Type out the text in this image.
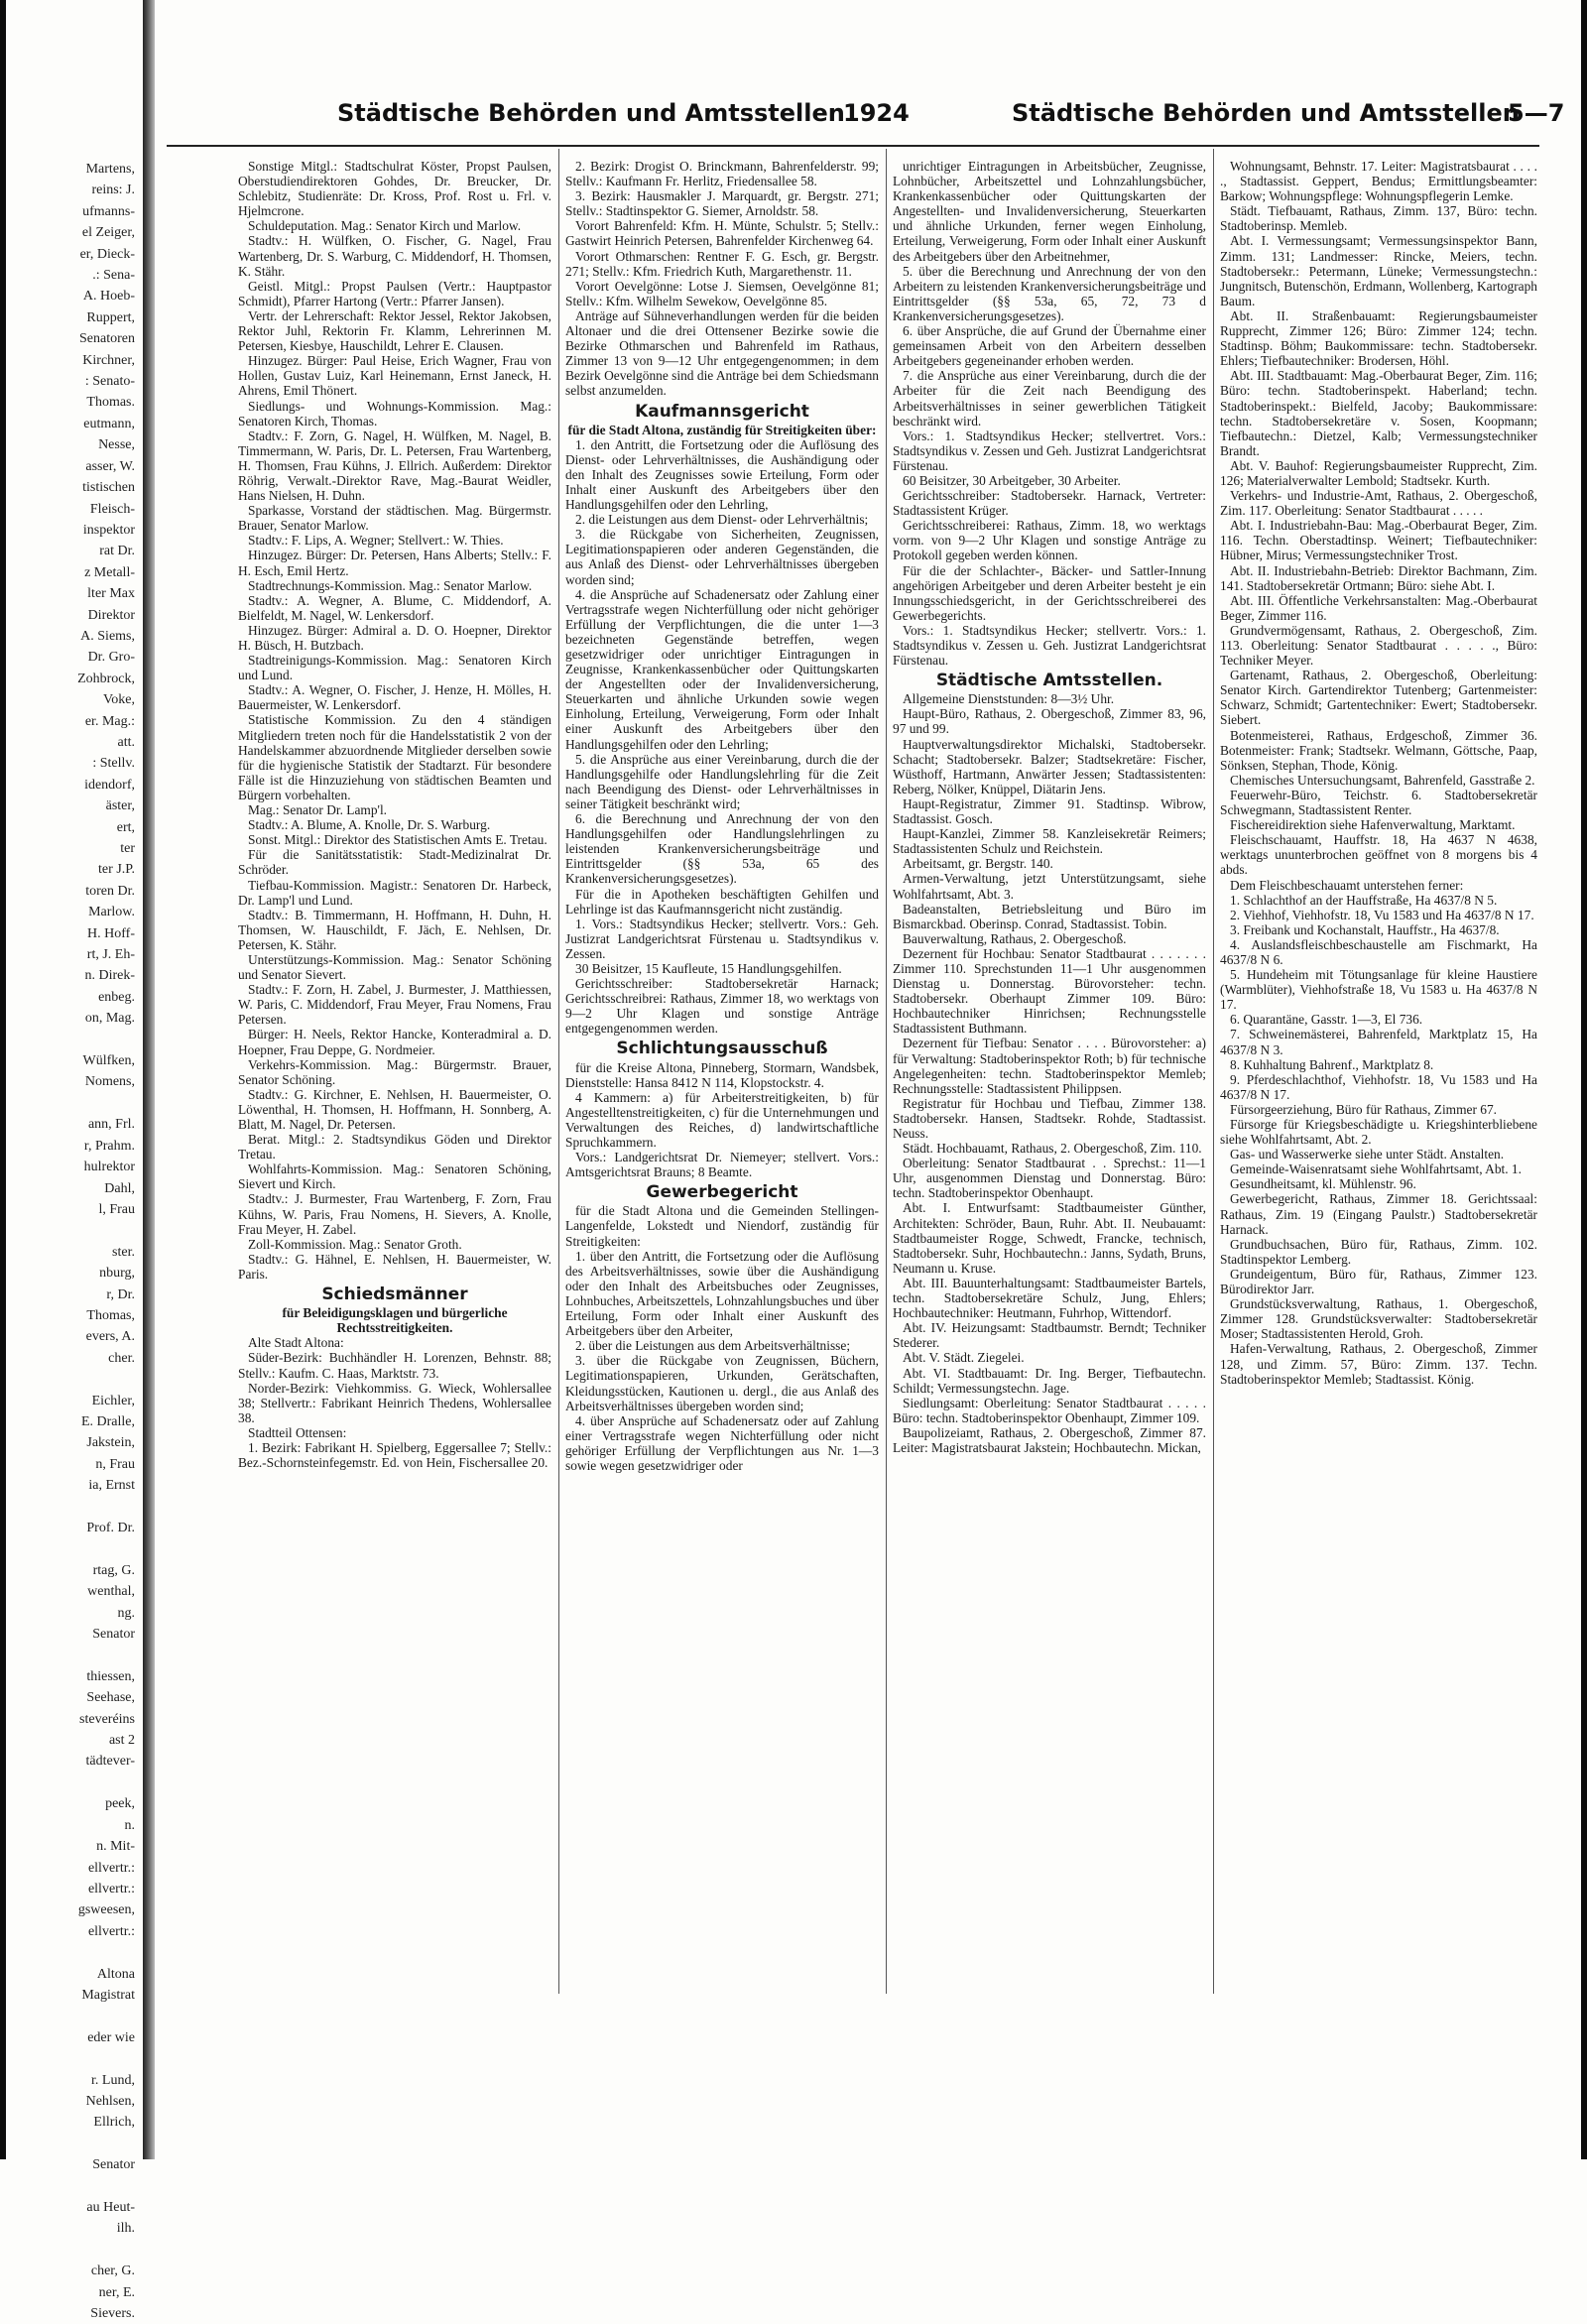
Martens,
reins: J.
ufmanns-
el Zeiger,
er, Dieck-
.: Sena-
A. Hoeb-
Ruppert,
Senatoren
Kirchner,
: Senato-
Thomas.
eutmann,
Nesse,
asser, W.
tistischen
Fleisch-
inspektor
rat Dr.
z Metall-
lter Max
Direktor
A. Siems,
Dr. Gro-
Zohbrock,
Voke,
er. Mag.:
att.
: Stellv.
idendorf,
äster,
ert,
ter
ter J.P.
toren Dr.
Marlow.
H. Hoff-
rt, J. Eh-
n. Direk-
enbeg.
on, Mag.

Wülfken,
Nomens,

ann, Frl.
r, Prahm.
hulrektor
Dahl,
l, Frau

ster.
nburg,
r, Dr.
Thomas,
evers, A.
cher.

Eichler,
E. Dralle,
Jakstein,
n, Frau
ia, Ernst

Prof. Dr.

rtag, G.
wenthal,
ng.
Senator

thiessen,
Seehase,
steveréins
ast 2
tädtever-

peek,
n.
n. Mit-
ellvertr.:
ellvertr.:
gsweesen,
ellvertr.:

Altona
Magistrat

eder wie

r. Lund,
Nehlsen,
Ellrich,

Senator

au Heut-
ilh.

cher, G.
ner, E.
Sievers.
Städtische Behörden und Amtsstellen
1924	Städtische Behörden und Amtsstellen
5—7

Sonstige Mitgl.: Stadtschulrat Köster, Propst Paulsen, Oberstudiendirektoren Gohdes, Dr. Breucker, Dr. Schlebitz, Studienräte: Dr. Kross, Prof. Rost u. Frl. v. Hjelmcrone.

Schuldeputation. Mag.: Senator Kirch und Marlow.

Stadtv.: H. Wülfken, O. Fischer, G. Nagel, Frau Wartenberg, Dr. S. Warburg, C. Middendorf, H. Thomsen, K. Stähr.

Geistl. Mitgl.: Propst Paulsen (Vertr.: Hauptpastor Schmidt), Pfarrer Hartong (Vertr.: Pfarrer Jansen).

Vertr. der Lehrerschaft: Rektor Jessel, Rektor Jakobsen, Rektor Juhl, Rektorin Fr. Klamm, Lehrerinnen M. Petersen, Kiesbye, Hauschildt, Lehrer E. Clausen.

Hinzugez. Bürger: Paul Heise, Erich Wagner, Frau von Hollen, Gustav Luiz, Karl Heinemann, Ernst Janeck, H. Ahrens, Emil Thönert.

Siedlungs- und Wohnungs-Kommission. Mag.: Senatoren Kirch, Thomas.

Stadtv.: F. Zorn, G. Nagel, H. Wülfken, M. Nagel, B. Timmermann, W. Paris, Dr. L. Petersen, Frau Wartenberg, H. Thomsen, Frau Kühns, J. Ellrich. Außerdem: Direktor Röhrig, Verwalt.-Direktor Rave, Mag.-Baurat Weidler, Hans Nielsen, H. Duhn.

Sparkasse, Vorstand der städtischen. Mag. Bürgermstr. Brauer, Senator Marlow.

Stadtv.: F. Lips, A. Wegner; Stellvert.: W. Thies.

Hinzugez. Bürger: Dr. Petersen, Hans Alberts; Stellv.: F. H. Esch, Emil Hertz.

Stadtrechnungs-Kommission. Mag.: Senator Marlow.

Stadtv.: A. Wegner, A. Blume, C. Middendorf, A. Bielfeldt, M. Nagel, W. Lenkersdorf.

Hinzugez. Bürger: Admiral a. D. O. Hoepner, Direktor H. Büsch, H. Butzbach.

Stadtreinigungs-Kommission. Mag.: Senatoren Kirch und Lund.

Stadtv.: A. Wegner, O. Fischer, J. Henze, H. Mölles, H. Bauermeister, W. Lenkersdorf.

Statistische Kommission. Zu den 4 ständigen Mitgliedern treten noch für die Handelsstatistik 2 von der Handelskammer abzuordnende Mitglieder derselben sowie für die hygienische Statistik der Stadtarzt. Für besondere Fälle ist die Hinzuziehung von städtischen Beamten und Bürgern vorbehalten.

Mag.: Senator Dr. Lamp'l.

Stadtv.: A. Blume, A. Knolle, Dr. S. Warburg.

Sonst. Mitgl.: Direktor des Statistischen Amts E. Tretau.

Für die Sanitätsstatistik: Stadt-Medizinalrat Dr. Schröder.

Tiefbau-Kommission. Magistr.: Senatoren Dr. Harbeck, Dr. Lamp'l und Lund.

Stadtv.: B. Timmermann, H. Hoffmann, H. Duhn, H. Thomsen, W. Hauschildt, F. Jäch, E. Nehlsen, Dr. Petersen, K. Stähr.

Unterstützungs-Kommission. Mag.: Senator Schöning und Senator Sievert.

Stadtv.: F. Zorn, H. Zabel, J. Burmester, J. Matthiessen, W. Paris, C. Middendorf, Frau Meyer, Frau Nomens, Frau Petersen.

Bürger: H. Neels, Rektor Hancke, Konteradmiral a. D. Hoepner, Frau Deppe, G. Nordmeier.

Verkehrs-Kommission. Mag.: Bürgermstr. Brauer, Senator Schöning.

Stadtv.: G. Kirchner, E. Nehlsen, H. Bauermeister, O. Löwenthal, H. Thomsen, H. Hoffmann, H. Sonnberg, A. Blatt, M. Nagel, Dr. Petersen.

Berat. Mitgl.: 2. Stadtsyndikus Göden und Direktor Tretau.

Wohlfahrts-Kommission. Mag.: Senatoren Schöning, Sievert und Kirch.

Stadtv.: J. Burmester, Frau Wartenberg, F. Zorn, Frau Kühns, W. Paris, Frau Nomens, H. Sievers, A. Knolle, Frau Meyer, H. Zabel.

Zoll-Kommission. Mag.: Senator Groth.

Stadtv.: G. Hähnel, E. Nehlsen, H. Bauermeister, W. Paris.

Schiedsmänner

für Beleidigungsklagen und bürgerliche Rechtsstreitigkeiten.

Alte Stadt Altona:

Süder-Bezirk: Buchhändler H. Lorenzen, Behnstr. 88; Stellv.: Kaufm. C. Haas, Marktstr. 73.

Norder-Bezirk: Viehkommiss. G. Wieck, Wohlersallee 38; Stellvertr.: Fabrikant Heinrich Thedens, Wohlersallee 38.

Stadtteil Ottensen:

1. Bezirk: Fabrikant H. Spielberg, Eggersallee 7; Stellv.: Bez.-Schornsteinfegemstr. Ed. von Hein, Fischersallee 20.

2. Bezirk: Drogist O. Brinckmann, Bahrenfelderstr. 99; Stellv.: Kaufmann Fr. Herlitz, Friedensallee 58.

3. Bezirk: Hausmakler J. Marquardt, gr. Bergstr. 271; Stellv.: Stadtinspektor G. Siemer, Arnoldstr. 58.

Vorort Bahrenfeld: Kfm. H. Münte, Schulstr. 5; Stellv.: Gastwirt Heinrich Petersen, Bahrenfelder Kirchenweg 64.

Vorort Othmarschen: Rentner F. G. Esch, gr. Bergstr. 271; Stellv.: Kfm. Friedrich Kuth, Margarethenstr. 11.

Vorort Oevelgönne: Lotse J. Siemsen, Oevelgönne 81; Stellv.: Kfm. Wilhelm Sewekow, Oevelgönne 85.

Anträge auf Sühneverhandlungen werden für die beiden Altonaer und die drei Ottensener Bezirke sowie die Bezirke Othmarschen und Bahrenfeld im Rathaus, Zimmer 13 von 9—12 Uhr entgegengenommen; in dem Bezirk Oevelgönne sind die Anträge bei dem Schiedsmann selbst anzumelden.

Kaufmannsgericht

für die Stadt Altona, zuständig für Streitigkeiten über:

1. den Antritt, die Fortsetzung oder die Auflösung des Dienst- oder Lehrverhältnisses, die Aushändigung oder den Inhalt des Zeugnisses sowie Erteilung, Form oder Inhalt einer Auskunft des Arbeitgebers über den Handlungsgehilfen oder den Lehrling,

2. die Leistungen aus dem Dienst- oder Lehrverhältnis;

3. die Rückgabe von Sicherheiten, Zeugnissen, Legitimationspapieren oder anderen Gegenständen, die aus Anlaß des Dienst- oder Lehrverhältnisses übergeben worden sind;

4. die Ansprüche auf Schadenersatz oder Zahlung einer Vertragsstrafe wegen Nichterfüllung oder nicht gehöriger Erfüllung der Verpflichtungen, die die unter 1—3 bezeichneten Gegenstände betreffen, wegen gesetzwidriger oder unrichtiger Eintragungen in Zeugnisse, Krankenkassenbücher oder Quittungskarten der Angestellten oder der Invalidenversicherung, Steuerkarten und ähnliche Urkunden sowie wegen Einholung, Erteilung, Verweigerung, Form oder Inhalt einer Auskunft des Arbeitgebers über den Handlungsgehilfen oder den Lehrling;

5. die Ansprüche aus einer Vereinbarung, durch die der Handlungsgehilfe oder Handlungslehrling für die Zeit nach Beendigung des Dienst- oder Lehrverhältnisses in seiner Tätigkeit beschränkt wird;

6. die Berechnung und Anrechnung der von den Handlungsgehilfen oder Handlungslehrlingen zu leistenden Krankenversicherungsbeiträge und Eintrittsgelder (§§ 53a, 65 des Krankenversicherungsgesetzes).

Für die in Apotheken beschäftigten Gehilfen und Lehrlinge ist das Kaufmannsgericht nicht zuständig.

1. Vors.: Stadtsyndikus Hecker; stellvertr. Vors.: Geh. Justizrat Landgerichtsrat Fürstenau u. Stadtsyndikus v. Zessen.

30 Beisitzer, 15 Kaufleute, 15 Handlungsgehilfen.

Gerichtsschreiber: Stadtobersekretär Harnack; Gerichtsschreibrei: Rathaus, Zimmer 18, wo werktags von 9—2 Uhr Klagen und sonstige Anträge entgegengenommen werden.

Schlichtungsausschuß

für die Kreise Altona, Pinneberg, Stormarn, Wandsbek, Dienststelle: Hansa 8412 N 114, Klopstockstr. 4.

4 Kammern: a) für Arbeiterstreitigkeiten, b) für Angestelltenstreitigkeiten, c) für die Unternehmungen und Verwaltungen des Reiches, d) landwirtschaftliche Spruchkammern.

Vors.: Landgerichtsrat Dr. Niemeyer; stellvert. Vors.: Amtsgerichtsrat Brauns; 8 Beamte.

Gewerbegericht

für die Stadt Altona und die Gemeinden Stellingen-Langenfelde, Lokstedt und Niendorf, zuständig für Streitigkeiten:

1. über den Antritt, die Fortsetzung oder die Auflösung des Arbeitsverhältnisses, sowie über die Aushändigung oder den Inhalt des Arbeitsbuches oder Zeugnisses, Lohnbuches, Arbeitszettels, Lohnzahlungsbuches und über Erteilung, Form oder Inhalt einer Auskunft des Arbeitgebers über den Arbeiter,

2. über die Leistungen aus dem Arbeitsverhältnisse;

3. über die Rückgabe von Zeugnissen, Büchern, Legitimationspapieren, Urkunden, Gerätschaften, Kleidungsstücken, Kautionen u. dergl., die aus Anlaß des Arbeitsverhältnisses übergeben worden sind;

4. über Ansprüche auf Schadenersatz oder auf Zahlung einer Vertragsstrafe wegen Nichterfüllung oder nicht gehöriger Erfüllung der Verpflichtungen aus Nr. 1—3 sowie wegen gesetzwidriger oder

unrichtiger Eintragungen in Arbeitsbücher, Zeugnisse, Lohnbücher, Arbeitszettel und Lohnzahlungsbücher, Krankenkassenbücher oder Quittungskarten der Angestellten- und Invalidenversicherung, Steuerkarten und ähnliche Urkunden, ferner wegen Einholung, Erteilung, Verweigerung, Form oder Inhalt einer Auskunft des Arbeitgebers über den Arbeitnehmer,

5. über die Berechnung und Anrechnung der von den Arbeitern zu leistenden Krankenversicherungsbeiträge und Eintrittsgelder (§§ 53a, 65, 72, 73 d Krankenversicherungsgesetzes).

6. über Ansprüche, die auf Grund der Übernahme einer gemeinsamen Arbeit von den Arbeitern desselben Arbeitgebers gegeneinander erhoben werden.

7. die Ansprüche aus einer Vereinbarung, durch die der Arbeiter für die Zeit nach Beendigung des Arbeitsverhältnisses in seiner gewerblichen Tätigkeit beschränkt wird.

Vors.: 1. Stadtsyndikus Hecker; stellvertret. Vors.: Stadtsyndikus v. Zessen und Geh. Justizrat Landgerichtsrat Fürstenau.

60 Beisitzer, 30 Arbeitgeber, 30 Arbeiter.

Gerichtsschreiber: Stadtobersekr. Harnack, Vertreter: Stadtassistent Krüger.

Gerichtsschreiberei: Rathaus, Zimm. 18, wo werktags vorm. von 9—2 Uhr Klagen und sonstige Anträge zu Protokoll gegeben werden können.

Für die der Schlachter-, Bäcker- und Sattler-Innung angehörigen Arbeitgeber und deren Arbeiter besteht je ein Innungsschiedsgericht, in der Gerichtsschreiberei des Gewerbegerichts.

Vors.: 1. Stadtsyndikus Hecker; stellvertr. Vors.: 1. Stadtsyndikus v. Zessen u. Geh. Justizrat Landgerichtsrat Fürstenau.

Städtische Amtsstellen.

Allgemeine Dienststunden: 8—3½ Uhr.

Haupt-Büro, Rathaus, 2. Obergeschoß, Zimmer 83, 96, 97 und 99.

Hauptverwaltungsdirektor Michalski, Stadtobersekr. Schacht; Stadtobersekr. Balzer; Stadtsekretäre: Fischer, Wüsthoff, Hartmann, Anwärter Jessen; Stadtassistenten: Reberg, Nölker, Knüppel, Diätarin Jens.

Haupt-Registratur, Zimmer 91. Stadtinsp. Wibrow, Stadtassist. Gosch.

Haupt-Kanzlei, Zimmer 58. Kanzleisekretär Reimers; Stadtassistenten Schulz und Reichstein.

Arbeitsamt, gr. Bergstr. 140.

Armen-Verwaltung, jetzt Unterstützungsamt, siehe Wohlfahrtsamt, Abt. 3.

Badeanstalten, Betriebsleitung und Büro im Bismarckbad. Oberinsp. Conrad, Stadtassist. Tobin.

Bauverwaltung, Rathaus, 2. Obergeschoß.

Dezernent für Hochbau: Senator Stadtbaurat . . . . . . . Zimmer 110. Sprechstunden 11—1 Uhr ausgenommen Dienstag u. Donnerstag. Bürovorsteher: techn. Stadtobersekr. Oberhaupt Zimmer 109. Büro: Hochbautechniker Hinrichsen; Rechnungsstelle Stadtassistent Buthmann.

Dezernent für Tiefbau: Senator . . . . Bürovorsteher: a) für Verwaltung: Stadtoberinspektor Roth; b) für technische Angelegenheiten: techn. Stadtoberinspektor Memleb; Rechnungsstelle: Stadtassistent Philippsen.

Registratur für Hochbau und Tiefbau, Zimmer 138. Stadtobersekr. Hansen, Stadtsekr. Rohde, Stadtassist. Neuss.

Städt. Hochbauamt, Rathaus, 2. Obergeschoß, Zim. 110.

Oberleitung: Senator Stadtbaurat . . Sprechst.: 11—1 Uhr, ausgenommen Dienstag und Donnerstag. Büro: techn. Stadtoberinspektor Obenhaupt.

Abt. I. Entwurfsamt: Stadtbaumeister Günther, Architekten: Schröder, Baun, Ruhr. Abt. II. Neubauamt: Stadtbaumeister Rogge, Schwedt, Francke, technisch, Stadtobersekr. Suhr, Hochbautechn.: Janns, Sydath, Bruns, Neumann u. Kruse.

Abt. III. Bauunterhaltungsamt: Stadtbaumeister Bartels, techn. Stadtobersekretäre Schulz, Jung, Ehlers; Hochbautechniker: Heutmann, Fuhrhop, Wittendorf.

Abt. IV. Heizungsamt: Stadtbaumstr. Berndt; Techniker Stederer.

Abt. V. Städt. Ziegelei.

Abt. VI. Stadtbauamt: Dr. Ing. Berger, Tiefbautechn. Schildt; Vermessungstechn. Jage.

Siedlungsamt: Oberleitung: Senator Stadtbaurat . . . . . Büro: techn. Stadtoberinspektor Obenhaupt, Zimmer 109.

Baupolizeiamt, Rathaus, 2. Obergeschoß, Zimmer 87. Leiter: Magistratsbaurat Jakstein; Hochbautechn. Mickan,

Wohnungsamt, Behnstr. 17. Leiter: Magistratsbaurat . . . . ., Stadtassist. Geppert, Bendus; Ermittlungsbeamter: Barkow; Wohnungspflege: Wohnungspflegerin Lemke.

Städt. Tiefbauamt, Rathaus, Zimm. 137, Büro: techn. Stadtoberinsp. Memleb.

Abt. I. Vermessungsamt; Vermessungsinspektor Bann, Zimm. 131; Landmesser: Rincke, Meiers, techn. Stadtobersekr.: Petermann, Lüneke; Vermessungstechn.: Jungnitsch, Butenschön, Erdmann, Wollenberg, Kartograph Baum.

Abt. II. Straßenbauamt: Regierungsbaumeister Rupprecht, Zimmer 126; Büro: Zimmer 124; techn. Stadtinsp. Böhm; Baukommissare: techn. Stadtobersekr. Ehlers; Tiefbautechniker: Brodersen, Höhl.

Abt. III. Stadtbauamt: Mag.-Oberbaurat Beger, Zim. 116; Büro: techn. Stadtoberinspekt. Haberland; techn. Stadtoberinspekt.: Bielfeld, Jacoby; Baukommissare: techn. Stadtobersekretäre v. Sosen, Koopmann; Tiefbautechn.: Dietzel, Kalb; Vermessungstechniker Brandt.

Abt. V. Bauhof: Regierungsbaumeister Rupprecht, Zim. 126; Materialverwalter Lembold; Stadtsekr. Kurth.

Verkehrs- und Industrie-Amt, Rathaus, 2. Obergeschoß, Zim. 117. Oberleitung: Senator Stadtbaurat . . . . .

Abt. I. Industriebahn-Bau: Mag.-Oberbaurat Beger, Zim. 116. Techn. Oberstadtinsp. Weinert; Tiefbautechniker: Hübner, Mirus; Vermessungstechniker Trost.

Abt. II. Industriebahn-Betrieb: Direktor Bachmann, Zim. 141. Stadtobersekretär Ortmann; Büro: siehe Abt. I.

Abt. III. Öffentliche Verkehrsanstalten: Mag.-Oberbaurat Beger, Zimmer 116.

Grundvermögensamt, Rathaus, 2. Obergeschoß, Zim. 113. Oberleitung: Senator Stadtbaurat . . . . ., Büro: Techniker Meyer.

Gartenamt, Rathaus, 2. Obergeschoß, Oberleitung: Senator Kirch. Gartendirektor Tutenberg; Gartenmeister: Schwarz, Schmidt; Gartentechniker: Ewert; Stadtobersekr. Siebert.

Botenmeisterei, Rathaus, Erdgeschoß, Zimmer 36. Botenmeister: Frank; Stadtsekr. Welmann, Göttsche, Paap, Sönksen, Stephan, Thode, König.

Chemisches Untersuchungsamt, Bahrenfeld, Gasstraße 2.

Feuerwehr-Büro, Teichstr. 6. Stadtobersekretär Schwegmann, Stadtassistent Renter.

Fischereidirektion siehe Hafenverwaltung, Marktamt.

Fleischschauamt, Hauffstr. 18, Ha 4637 N 4638, werktags ununterbrochen geöffnet von 8 morgens bis 4 abds.

Dem Fleischbeschauamt unterstehen ferner:

1. Schlachthof an der Hauffstraße, Ha 4637/8 N 5.

2. Viehhof, Viehhofstr. 18, Vu 1583 und Ha 4637/8 N 17.

3. Freibank und Kochanstalt, Hauffstr., Ha 4637/8.

4. Auslandsfleischbeschaustelle am Fischmarkt, Ha 4637/8 N 6.

5. Hundeheim mit Tötungsanlage für kleine Haustiere (Warmblüter), Viehhofstraße 18, Vu 1583 u. Ha 4637/8 N 17.

6. Quarantäne, Gasstr. 1—3, El 736.

7. Schweinemästerei, Bahrenfeld, Marktplatz 15, Ha 4637/8 N 3.

8. Kuhhaltung Bahrenf., Marktplatz 8.

9. Pferdeschlachthof, Viehhofstr. 18, Vu 1583 und Ha 4637/8 N 17.

Fürsorgeerziehung, Büro für Rathaus, Zimmer 67.

Fürsorge für Kriegsbeschädigte u. Kriegshinterbliebene siehe Wohlfahrtsamt, Abt. 2.

Gas- und Wasserwerke siehe unter Städt. Anstalten.

Gemeinde-Waisenratsamt siehe Wohlfahrtsamt, Abt. 1.

Gesundheitsamt, kl. Mühlenstr. 96.

Gewerbegericht, Rathaus, Zimmer 18. Gerichtssaal: Rathaus, Zim. 19 (Eingang Paulstr.) Stadtobersekretär Harnack.

Grundbuchsachen, Büro für, Rathaus, Zimm. 102. Stadtinspektor Lemberg.

Grundeigentum, Büro für, Rathaus, Zimmer 123. Bürodirektor Jarr.

Grundstücksverwaltung, Rathaus, 1. Obergeschoß, Zimmer 128. Grundstücksverwalter: Stadtobersekretär Moser; Stadtassistenten Herold, Groh.

Hafen-Verwaltung, Rathaus, 2. Obergeschoß, Zimmer 128, und Zimm. 57, Büro: Zimm. 137. Techn. Stadtoberinspektor Memleb; Stadtassist. König.
